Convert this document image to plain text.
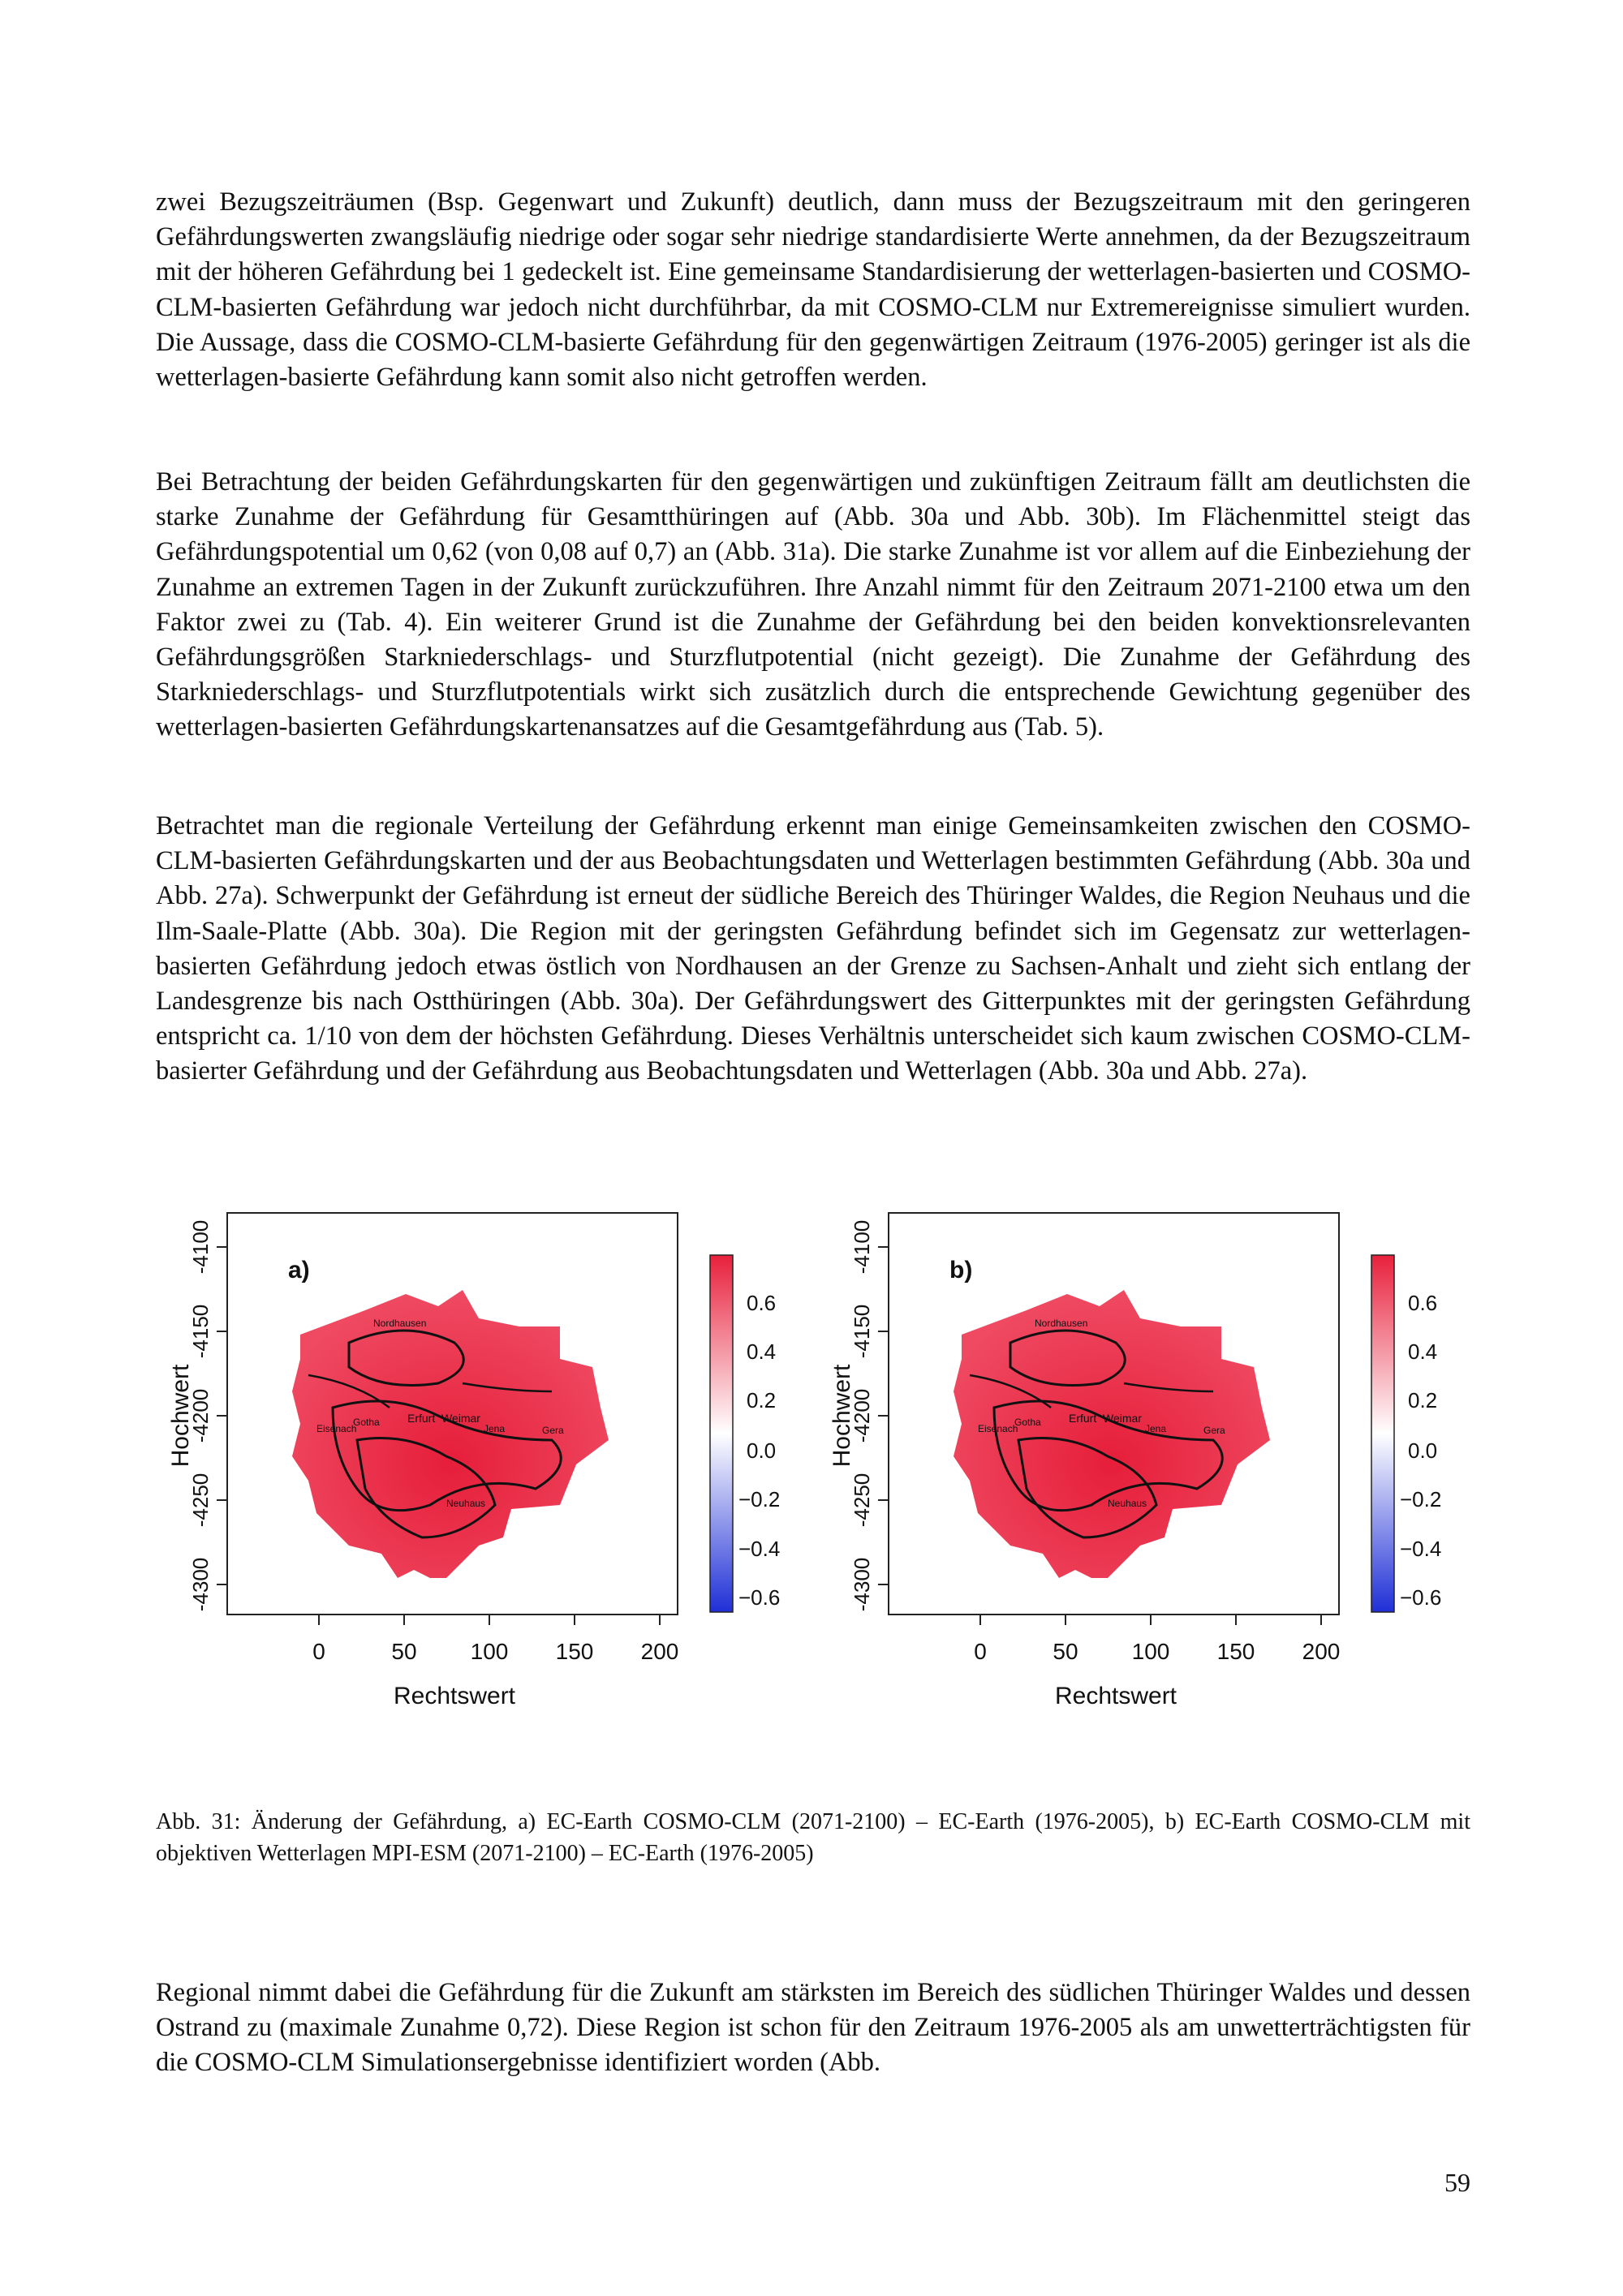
zwei Bezugszeiträumen (Bsp. Gegenwart und Zukunft) deutlich, dann muss der Bezugszeitraum mit den geringeren Gefährdungswerten zwangsläufig niedrige oder sogar sehr niedrige standardisierte Werte annehmen, da der Bezugszeitraum mit der höheren Gefährdung bei 1 gedeckelt ist. Eine gemeinsame Standardisierung der wetterlagen-basierten und COSMO-CLM-basierten Gefährdung war jedoch nicht durchführbar, da mit COSMO-CLM nur Extremereignisse simuliert wurden. Die Aussage, dass die COSMO-CLM-basierte Gefährdung für den gegenwärtigen Zeitraum (1976-2005) geringer ist als die wetterlagen-basierte Gefährdung kann somit also nicht getroffen werden.

Bei Betrachtung der beiden Gefährdungskarten für den gegenwärtigen und zukünftigen Zeitraum fällt am deutlichsten die starke Zunahme der Gefährdung für Gesamtthüringen auf (Abb. 30a und Abb. 30b). Im Flächenmittel steigt das Gefährdungspotential um 0,62 (von 0,08 auf 0,7) an (Abb. 31a). Die starke Zunahme ist vor allem auf die Einbeziehung der Zunahme an extremen Tagen in der Zukunft zurückzuführen. Ihre Anzahl nimmt für den Zeitraum 2071-2100 etwa um den Faktor zwei zu (Tab. 4). Ein weiterer Grund ist die Zunahme der Gefährdung bei den beiden konvektionsrelevanten Gefährdungsgrößen Starkniederschlags- und Sturzflutpotential (nicht gezeigt). Die Zunahme der Gefährdung des Starkniederschlags- und Sturzflutpotentials wirkt sich zusätzlich durch die entsprechende Gewichtung gegenüber des wetterlagen-basierten Gefährdungskartenansatzes auf die Gesamtgefährdung aus (Tab. 5).

Betrachtet man die regionale Verteilung der Gefährdung erkennt man einige Gemeinsamkeiten zwischen den COSMO-CLM-basierten Gefährdungskarten und der aus Beobachtungsdaten und Wetterlagen bestimmten Gefährdung (Abb. 30a und Abb. 27a). Schwerpunkt der Gefährdung ist erneut der südliche Bereich des Thüringer Waldes, die Region Neuhaus und die Ilm-Saale-Platte (Abb. 30a). Die Region mit der geringsten Gefährdung befindet sich im Gegensatz zur wetterlagen-basierten Gefährdung jedoch etwas östlich von Nordhausen an der Grenze zu Sachsen-Anhalt und zieht sich entlang der Landesgrenze bis nach Ostthüringen (Abb. 30a). Der Gefährdungswert des Gitterpunktes mit der geringsten Gefährdung entspricht ca. 1/10 von dem der höchsten Gefährdung. Dieses Verhältnis unterscheidet sich kaum zwischen COSMO-CLM-basierter Gefährdung und der Gefährdung aus Beobachtungsdaten und Wetterlagen (Abb. 30a und Abb. 27a).

a)
Erfurt Weimar
Jena
Gotha
Eisenach
Neuhaus
Nordhausen
Gera
0	50 100 150 200
Rechtswert
-4300
-4250
-4200
-4150
-4100
Hochwert
0.6
0.4
0.2
0.0
−0.2
−0.4
−0.6
b)
Erfurt Weimar
Jena
Gotha
Eisenach
Neuhaus
Nordhausen
Gera
0	50 100 150 200
Rechtswert
-4300
-4250
-4200
-4150
-4100
Hochwert
0.6
0.4
0.2
0.0
−0.2
−0.4
−0.6

Abb. 31: Änderung der Gefährdung, a) EC-Earth COSMO-CLM (2071-2100) – EC-Earth (1976-2005), b) EC-Earth COSMO-CLM mit objektiven Wetterlagen MPI-ESM (2071-2100) – EC-Earth (1976-2005)

Regional nimmt dabei die Gefährdung für die Zukunft am stärksten im Bereich des südlichen Thüringer Waldes und dessen Ostrand zu (maximale Zunahme 0,72). Diese Region ist schon für den Zeitraum 1976-2005 als am unwetterträchtigsten für die COSMO-CLM Simulationsergebnisse identifiziert worden (Abb.

59
